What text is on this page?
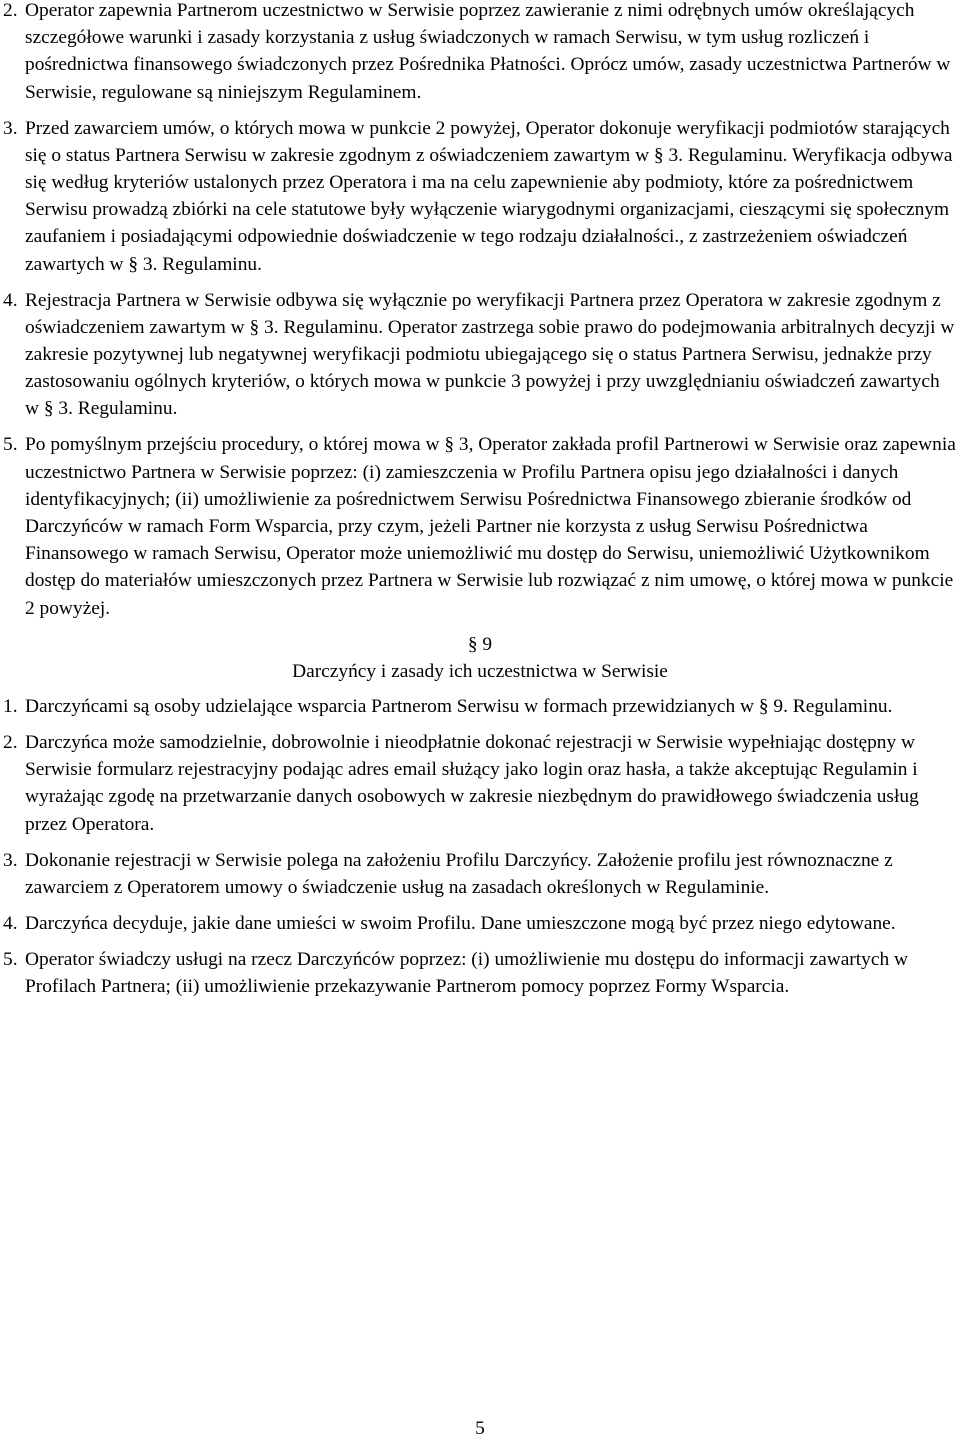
2. Operator zapewnia Partnerom uczestnictwo w Serwisie poprzez zawieranie z nimi odrębnych umów określających szczegółowe warunki i zasady korzystania z usług świadczonych w ramach Serwisu, w tym usług rozliczeń i pośrednictwa finansowego świadczonych przez Pośrednika Płatności. Oprócz umów, zasady uczestnictwa Partnerów w Serwisie, regulowane są niniejszym Regulaminem.
3. Przed zawarciem umów, o których mowa w punkcie 2 powyżej, Operator dokonuje weryfikacji podmiotów starających się o status Partnera Serwisu w zakresie zgodnym z oświadczeniem zawartym w § 3. Regulaminu. Weryfikacja odbywa się według kryteriów ustalonych przez Operatora i ma na celu zapewnienie aby podmioty, które za pośrednictwem Serwisu prowadzą zbiórki na cele statutowe były wyłączenie wiarygodnymi organizacjami, cieszącymi się społecznym zaufaniem i posiadającymi odpowiednie doświadczenie w tego rodzaju działalności., z zastrzeżeniem oświadczeń zawartych w § 3. Regulaminu.
4. Rejestracja Partnera w Serwisie odbywa się wyłącznie po weryfikacji Partnera przez Operatora w zakresie zgodnym z oświadczeniem zawartym w § 3. Regulaminu. Operator zastrzega sobie prawo do podejmowania arbitralnych decyzji w zakresie pozytywnej lub negatywnej weryfikacji podmiotu ubiegającego się o status Partnera Serwisu, jednakże przy zastosowaniu ogólnych kryteriów, o których mowa w punkcie 3 powyżej i przy uwzględnianiu oświadczeń zawartych w § 3. Regulaminu.
5. Po pomyślnym przejściu procedury, o której mowa w § 3, Operator zakłada profil Partnerowi w Serwisie oraz zapewnia uczestnictwo Partnera w Serwisie poprzez: (i) zamieszczenia w Profilu Partnera opisu jego działalności i danych identyfikacyjnych; (ii) umożliwienie za pośrednictwem Serwisu Pośrednictwa Finansowego zbieranie środków od Darczyńców w ramach Form Wsparcia, przy czym, jeżeli Partner nie korzysta z usług Serwisu Pośrednictwa Finansowego w ramach Serwisu, Operator może uniemożliwić mu dostęp do Serwisu, uniemożliwić Użytkownikom dostęp do materiałów umieszczonych przez Partnera w Serwisie lub rozwiązać z nim umowę, o której mowa w punkcie 2 powyżej.
§ 9
Darczyńcy i zasady ich uczestnictwa w Serwisie
1. Darczyńcami są osoby udzielające wsparcia Partnerom Serwisu w formach przewidzianych w § 9. Regulaminu.
2. Darczyńca może samodzielnie, dobrowolnie i nieodpłatnie dokonać rejestracji w Serwisie wypełniając dostępny w Serwisie formularz rejestracyjny podając adres email służący jako login oraz hasła, a także akceptując Regulamin i wyrażając zgodę na przetwarzanie danych osobowych w zakresie niezbędnym do prawidłowego świadczenia usług przez Operatora.
3. Dokonanie rejestracji w Serwisie polega na założeniu Profilu Darczyńcy. Założenie profilu jest równoznaczne z zawarciem z Operatorem umowy o świadczenie usług na zasadach określonych w Regulaminie.
4. Darczyńca decyduje, jakie dane umieści w swoim Profilu. Dane umieszczone mogą być przez niego edytowane.
5. Operator świadczy usługi na rzecz Darczyńców poprzez: (i) umożliwienie mu dostępu do informacji zawartych w Profilach Partnera; (ii) umożliwienie przekazywanie Partnerom pomocy poprzez Formy Wsparcia.
5
